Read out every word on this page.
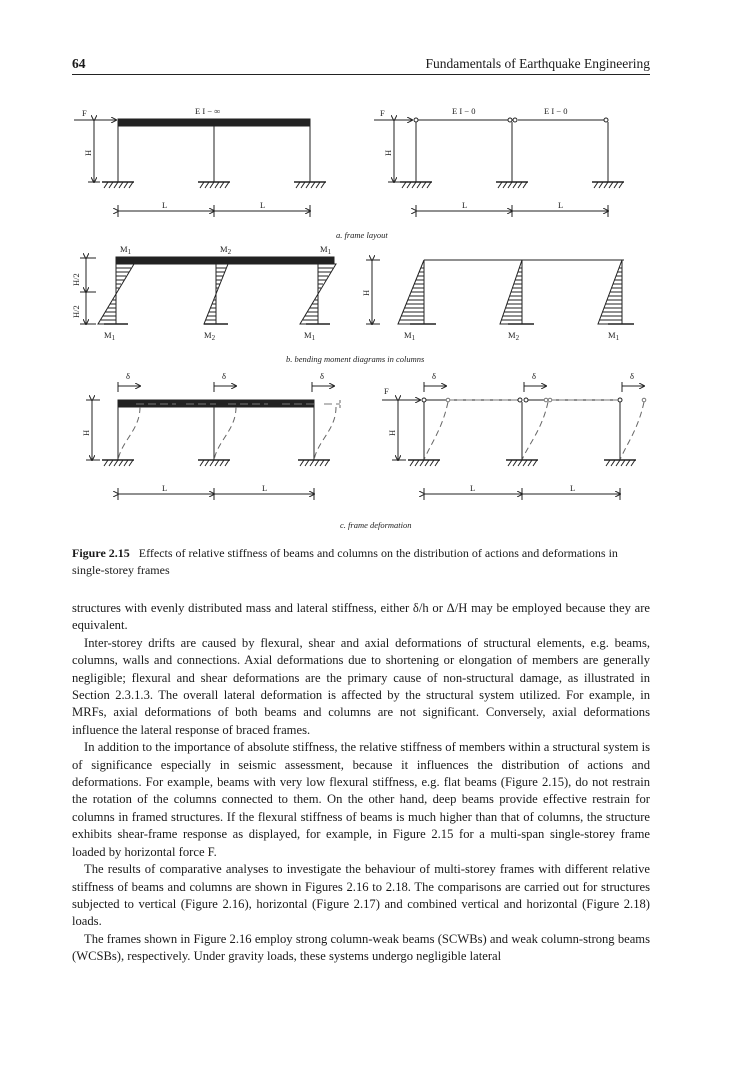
64	Fundamentals of Earthquake Engineering
F	E I − ∞
H
L	L
F	E I − 0	E I − 0
H
L	L
a. frame layout
$M_1$	$M_2$	$M_1$
$M_1$	$M_2$	$M_1$
H/2
H/2
$M_1$	$M_2$	$M_1$
H
b. bending moment diagrams in columns
δ	δ	δ
H
L	L
δ	δ	δ
F
H
L	L
c. frame deformation
Figure 2.15 Effects of relative stiffness of beams and columns on the distribution of actions and deformations in single-storey frames

structures with evenly distributed mass and lateral stiffness, either δ/h or Δ/H may be employed because they are equivalent.

Inter-storey drifts are caused by flexural, shear and axial deformations of structural elements, e.g. beams, columns, walls and connections. Axial deformations due to shortening or elongation of members are generally negligible; flexural and shear deformations are the primary cause of non-structural damage, as illustrated in Section 2.3.1.3. The overall lateral deformation is affected by the structural system utilized. For example, in MRFs, axial deformations of both beams and columns are not significant. Conversely, axial deformations influence the lateral response of braced frames.

In addition to the importance of absolute stiffness, the relative stiffness of members within a structural system is of significance especially in seismic assessment, because it influences the distribution of actions and deformations. For example, beams with very low flexural stiffness, e.g. flat beams (Figure 2.15), do not restrain the rotation of the columns connected to them. On the other hand, deep beams provide effective restrain for columns in framed structures. If the flexural stiffness of beams is much higher than that of columns, the structure exhibits shear-frame response as displayed, for example, in Figure 2.15 for a multi-span single-storey frame loaded by horizontal force F.

The results of comparative analyses to investigate the behaviour of multi-storey frames with different relative stiffness of beams and columns are shown in Figures 2.16 to 2.18. The comparisons are carried out for structures subjected to vertical (Figure 2.16), horizontal (Figure 2.17) and combined vertical and horizontal (Figure 2.18) loads.

The frames shown in Figure 2.16 employ strong column-weak beams (SCWBs) and weak column-strong beams (WCSBs), respectively. Under gravity loads, these systems undergo negligible lateral
